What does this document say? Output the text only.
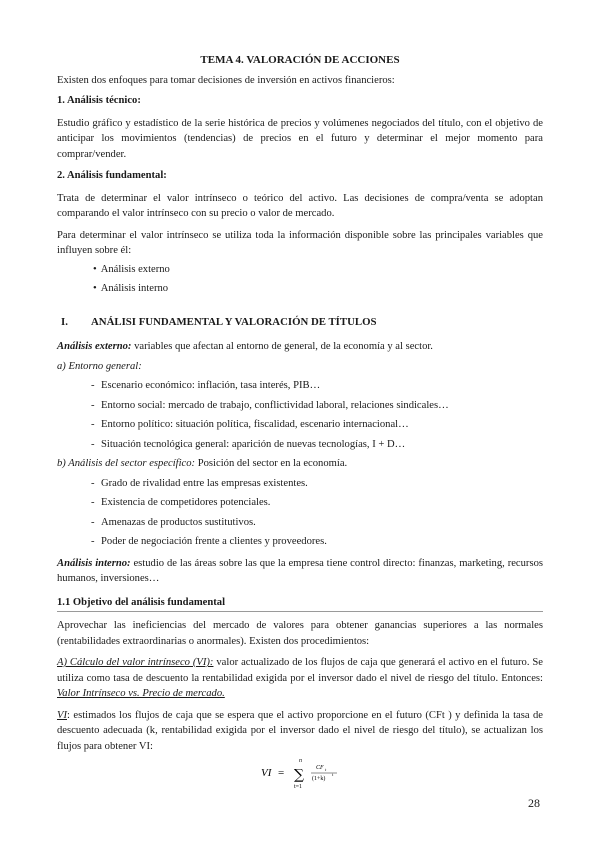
TEMA 4. VALORACIÓN DE ACCIONES

Existen dos enfoques para tomar decisiones de inversión en activos financieros:

1. Análisis técnico:

Estudio gráfico y estadístico de la serie histórica de precios y volúmenes negociados del título, con el objetivo de anticipar los movimientos (tendencias) de precios en el futuro y determinar el mejor momento para comprar/vender.

2. Análisis fundamental:

Trata de determinar el valor intrínseco o teórico del activo. Las decisiones de compra/venta se adoptan comparando el valor intrínseco con su precio o valor de mercado.

Para determinar el valor intrínseco se utiliza toda la información disponible sobre las principales variables que influyen sobre él:

• Análisis externo
• Análisis interno

I. ANÁLISI FUNDAMENTAL Y VALORACIÓN DE TÍTULOS

Análisis externo: variables que afectan al entorno de general, de la economía y al sector.

a) Entorno general:

- Escenario económico: inflación, tasa interés, PIB…
- Entorno social: mercado de trabajo, conflictividad laboral, relaciones sindicales…
- Entorno político: situación política, fiscalidad, escenario internacional…
- Situación tecnológica general: aparición de nuevas tecnologías, I + D…

b) Análisis del sector específico: Posición del sector en la economía.

- Grado de rivalidad entre las empresas existentes.
- Existencia de competidores potenciales.
- Amenazas de productos sustitutivos.
- Poder de negociación frente a clientes y proveedores.

Análisis interno: estudio de las áreas sobre las que la empresa tiene control directo: finanzas, marketing, recursos humanos, inversiones…

1.1 Objetivo del análisis fundamental

Aprovechar las ineficiencias del mercado de valores para obtener ganancias superiores a las normales (rentabilidades extraordinarias o anormales). Existen dos procedimientos:

A) Cálculo del valor intrínseco (VI): valor actualizado de los flujos de caja que generará el activo en el futuro. Se utiliza como tasa de descuento la rentabilidad exigida por el inversor dado el nivel de riesgo del título. Entonces: Valor Intrínseco vs. Precio de mercado.

VI: estimados los flujos de caja que se espera que el activo proporcione en el futuro (CFt ) y definida la tasa de descuento adecuada (k, rentabilidad exigida por el inversor dado el nivel de riesgo del título), se actualizan los flujos para obtener VI:

VI =
n
∑
t=1
CF t
(1+k)
t
28
